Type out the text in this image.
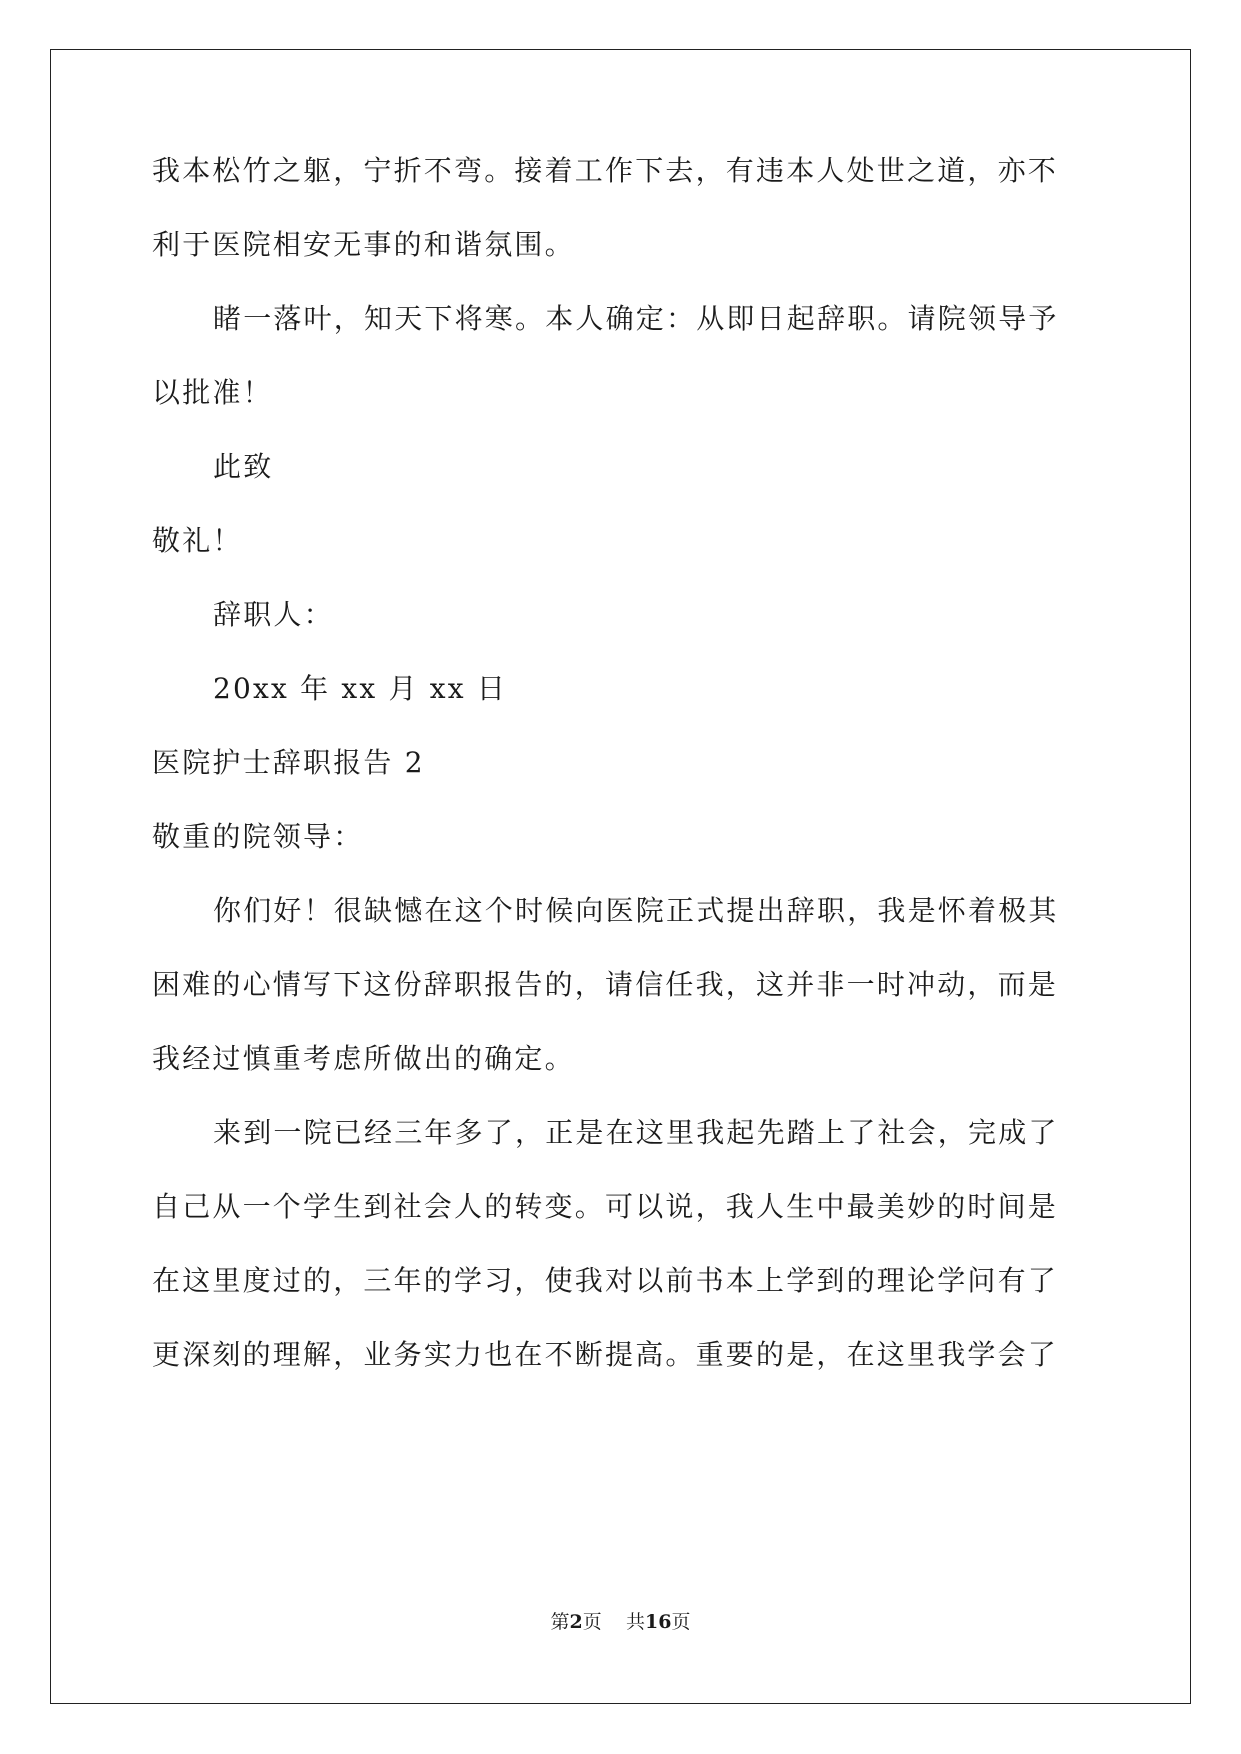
我本松竹之躯，宁折不弯。接着工作下去，有违本人处世之道，亦不
利于医院相安无事的和谐氛围。
睹一落叶，知天下将寒。本人确定：从即日起辞职。请院领导予
以批准！
此致
敬礼！
辞职人：
20xx 年 xx 月 xx 日
医院护士辞职报告 2
敬重的院领导：
你们好！很缺憾在这个时候向医院正式提出辞职，我是怀着极其
困难的心情写下这份辞职报告的，请信任我，这并非一时冲动，而是
我经过慎重考虑所做出的确定。
来到一院已经三年多了，正是在这里我起先踏上了社会，完成了
自己从一个学生到社会人的转变。可以说，我人生中最美妙的时间是
在这里度过的，三年的学习，使我对以前书本上学到的理论学问有了
更深刻的理解，业务实力也在不断提高。重要的是，在这里我学会了
第2页 共16页
